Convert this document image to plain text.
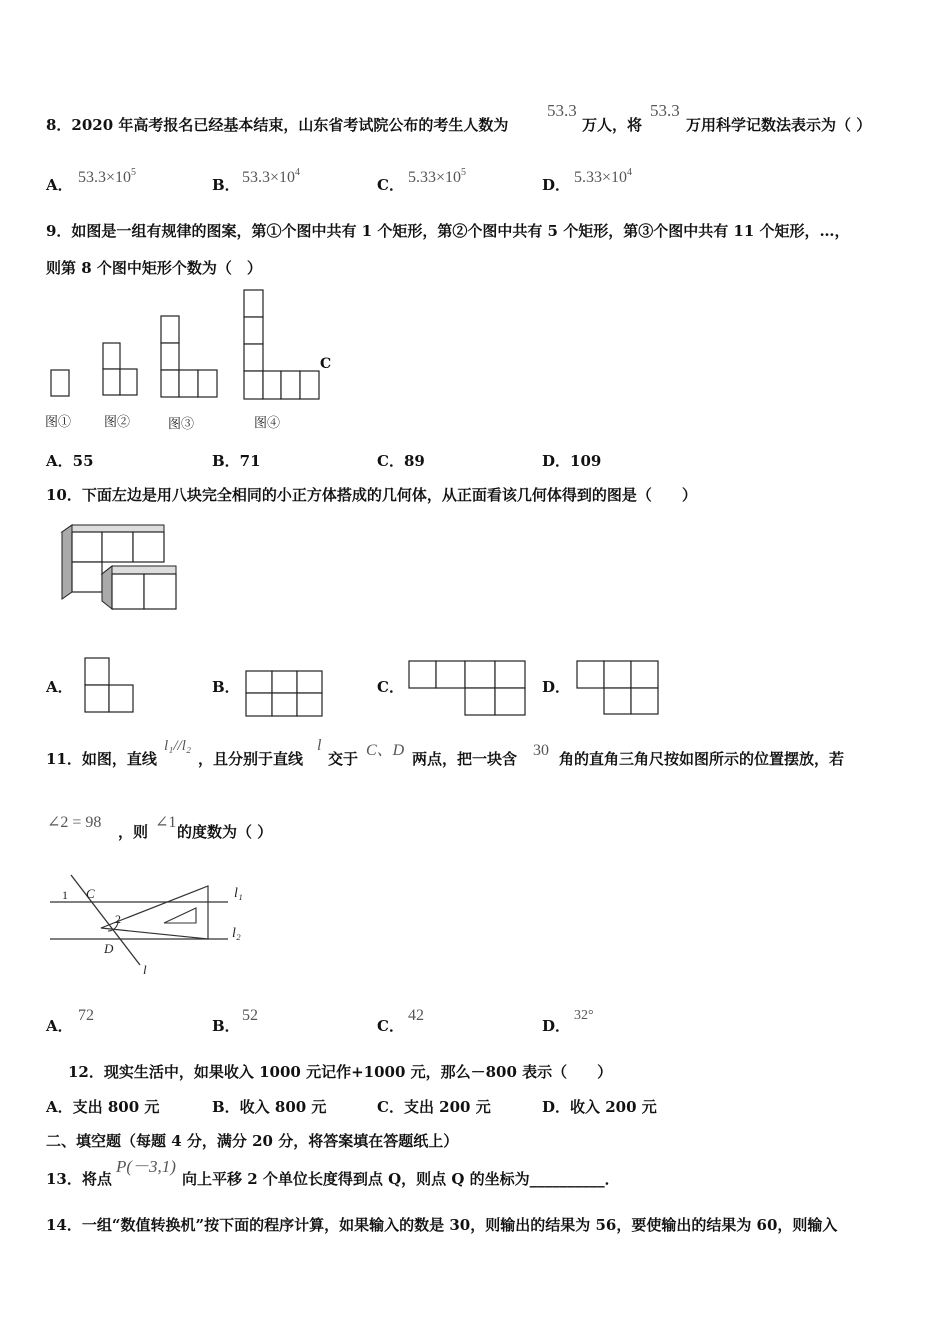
8．2020 年高考报名已经基本结束，山东省考试院公布的考生人数为
53.3
万人，将
53.3
万用科学记数法表示为（ ）
A． $53.3\times 10^5$
B． $53.3\times 10^4$
C． $5.33\times 10^5$
D． $5.33\times 10^4$
9．如图是一组有规律的图案，第①个图中共有 1 个矩形，第②个图中共有 5 个矩形，第③个图中共有 11 个矩形，…，
则第 8 个图中矩形个数为（　）
C
图①	图②	图③	图④
A．55	B．71	C．89	D．109
10．下面左边是用八块完全相同的小正方体搭成的几何体，从正面看该几何体得到的图是（　　）
A．	B．	C．	D．
11．如图，直线
l₁//l₂
，且分别于直线
l
交于 C、D 两点，把一块含 30 角的直角三角尺按如图所示的位置摆放，若
∠2 = 98
，则
∠1
的度数为（ ）
1 C
2
D
l
l₁
l₂
A．
72
B．
52
C．
42
D．
32°
12．现实生活中，如果收入 1000 元记作+1000 元，那么－800 表示（　　）
A．支出 800 元	B．收入 800 元	C．支出 200 元	D．收入 200 元
二、填空题（每题 4 分，满分 20 分，将答案填在答题纸上）
13．将点
P(－3,1)
向上平移 2 个单位长度得到点 Q，则点 Q 的坐标为__________．
14．一组“数值转换机”按下面的程序计算，如果输入的数是 30，则输出的结果为 56，要使输出的结果为 60，则输入
